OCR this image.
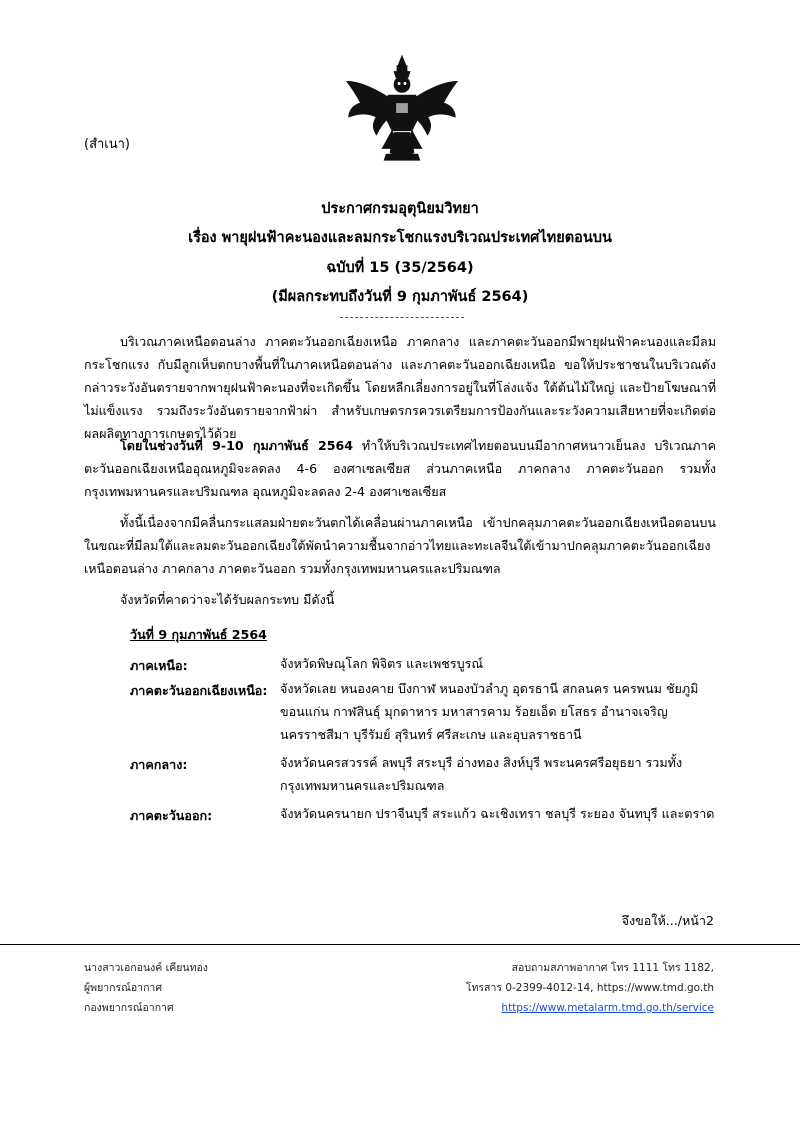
(สำเนา)
ประกาศกรมอุตุนิยมวิทยา
เรื่อง พายุฝนฟ้าคะนองและลมกระโชกแรงบริเวณประเทศไทยตอนบน
ฉบับที่ 15 (35/2564)
(มีผลกระทบถึงวันที่ 9 กุมภาพันธ์ 2564)
บริเวณภาคเหนือตอนล่าง ภาคตะวันออกเฉียงเหนือ ภาคกลาง และภาคตะวันออกมีพายุฝนฟ้าคะนองและมีลมกระโชกแรง กับมีลูกเห็บตกบางพื้นที่ในภาคเหนือตอนล่าง และภาคตะวันออกเฉียงเหนือ ขอให้ประชาชนในบริเวณดังกล่าวระวังอันตรายจากพายุฝนฟ้าคะนองที่จะเกิดขึ้น โดยหลีกเลี่ยงการอยู่ในที่โล่งแจ้ง ใต้ต้นไม้ใหญ่ และป้ายโฆษณาที่ไม่แข็งแรง รวมถึงระวังอันตรายจากฟ้าผ่า สำหรับเกษตรกรควรเตรียมการป้องกันและระวังความเสียหายที่จะเกิดต่อผลผลิตทางการเกษตรไว้ด้วย
โดยในช่วงวันที่ 9-10 กุมภาพันธ์ 2564 ทำให้บริเวณประเทศไทยตอนบนมีอากาศหนาวเย็นลง บริเวณภาคตะวันออกเฉียงเหนืออุณหภูมิจะลดลง 4-6 องศาเซลเซียส ส่วนภาคเหนือ ภาคกลาง ภาคตะวันออก รวมทั้งกรุงเทพมหานครและปริมณฑล อุณหภูมิจะลดลง 2-4 องศาเซลเซียส
ทั้งนี้เนื่องจากมีคลื่นกระแสลมฝ่ายตะวันตกได้เคลื่อนผ่านภาคเหนือ เข้าปกคลุมภาคตะวันออกเฉียงเหนือตอนบน ในขณะที่มีลมใต้และลมตะวันออกเฉียงใต้พัดนำความชื้นจากอ่าวไทยและทะเลจีนใต้เข้ามาปกคลุมภาคตะวันออกเฉียงเหนือตอนล่าง ภาคกลาง ภาคตะวันออก รวมทั้งกรุงเทพมหานครและปริมณฑล
จังหวัดที่คาดว่าจะได้รับผลกระทบ มีดังนี้
วันที่ 9 กุมภาพันธ์ 2564
ภาคเหนือ:	จังหวัดพิษณุโลก พิจิตร และเพชรบูรณ์
ภาคตะวันออกเฉียงเหนือ: จังหวัดเลย หนองคาย บึงกาฬ หนองบัวลำภู อุดรธานี สกลนคร นครพนม ชัยภูมิ ขอนแก่น กาฬสินธุ์ มุกดาหาร มหาสารคาม ร้อยเอ็ด ยโสธร อำนาจเจริญ นครราชสีมา บุรีรัมย์ สุรินทร์ ศรีสะเกษ และอุบลราชธานี
ภาคกลาง:	จังหวัดนครสวรรค์ ลพบุรี สระบุรี อ่างทอง สิงห์บุรี พระนครศรีอยุธยา รวมทั้งกรุงเทพมหานครและปริมณฑล
ภาคตะวันออก:	จังหวัดนครนายก ปราจีนบุรี สระแก้ว ฉะเชิงเทรา ชลบุรี ระยอง จันทบุรี และตราด
จึงขอให้.../หน้า2
นางสาวเอกอนงค์ เคียนทอง
ผู้พยากรณ์อากาศ
กองพยากรณ์อากาศ
สอบถามสภาพอากาศ โทร 1111 โทร 1182,
โทรสาร 0-2399-4012-14, https://www.tmd.go.th
https://www.metalarm.tmd.go.th/service
